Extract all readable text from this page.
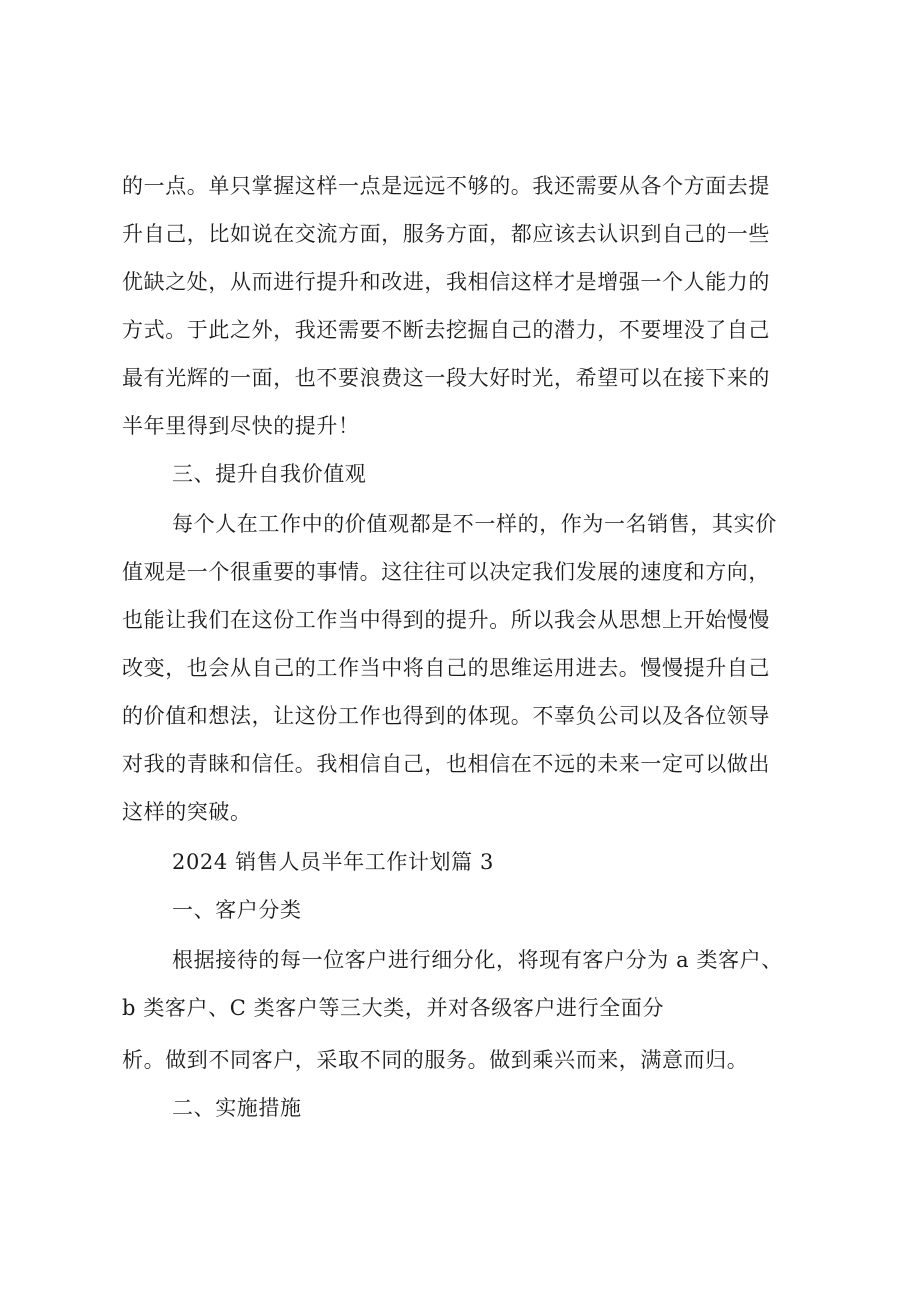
的一点。单只掌握这样一点是远远不够的。我还需要从各个方面去提
升自己，比如说在交流方面，服务方面，都应该去认识到自己的一些
优缺之处，从而进行提升和改进，我相信这样才是增强一个人能力的
方式。于此之外，我还需要不断去挖掘自己的潜力，不要埋没了自己
最有光辉的一面，也不要浪费这一段大好时光，希望可以在接下来的
半年里得到尽快的提升！
三、提升自我价值观
每个人在工作中的价值观都是不一样的，作为一名销售，其实价
值观是一个很重要的事情。这往往可以决定我们发展的速度和方向，
也能让我们在这份工作当中得到的提升。所以我会从思想上开始慢慢
改变，也会从自己的工作当中将自己的思维运用进去。慢慢提升自己
的价值和想法，让这份工作也得到的体现。不辜负公司以及各位领导
对我的青睐和信任。我相信自己，也相信在不远的未来一定可以做出
这样的突破。
2024 销售人员半年工作计划篇 3
一、客户分类
根据接待的每一位客户进行细分化，将现有客户分为 a 类客户、
b 类客户、C 类客户等三大类，并对各级客户进行全面分
析。做到不同客户，采取不同的服务。做到乘兴而来，满意而归。
二、实施措施
